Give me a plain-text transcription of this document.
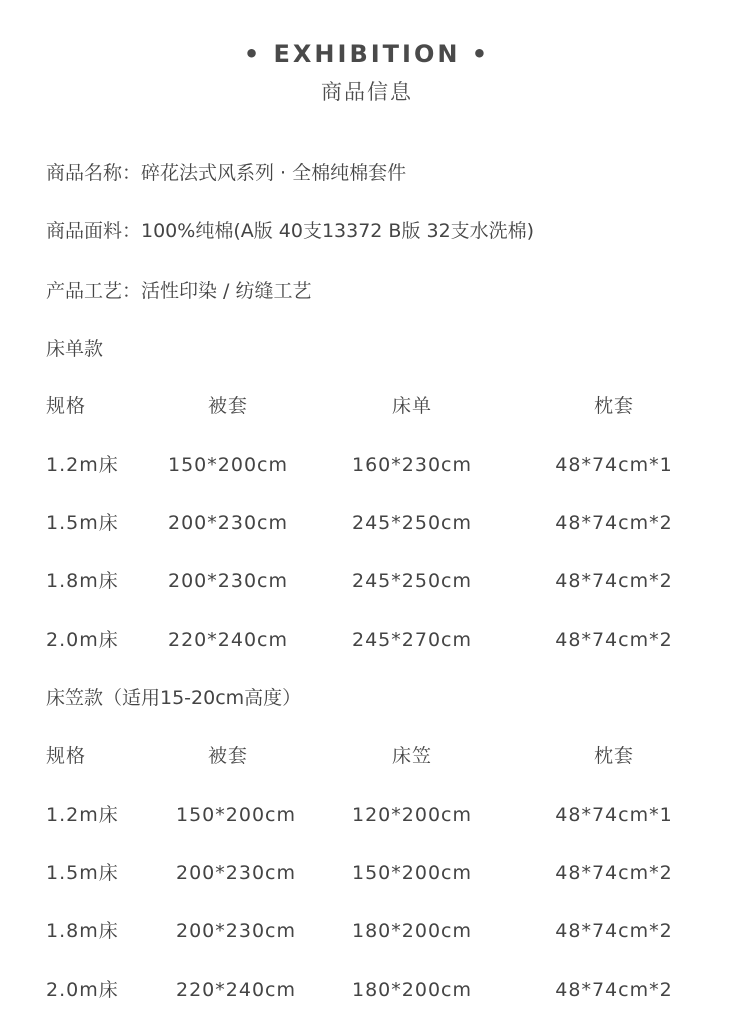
• EXHIBITION •
商品信息
商品名称：碎花法式风系列 · 全棉纯棉套件
商品面料：100%纯棉(A版 40支13372 B版 32支水洗棉)
产品工艺：活性印染 / 纺缝工艺
床单款
规格	被套	床单	枕套
1.2m床	150*200cm	160*230cm	48*74cm*1
1.5m床	200*230cm	245*250cm	48*74cm*2
1.8m床	200*230cm	245*250cm	48*74cm*2
2.0m床	220*240cm	245*270cm	48*74cm*2
床笠款（适用15-20cm高度）
规格	被套	床笠	枕套
1.2m床	150*200cm	120*200cm	48*74cm*1
1.5m床	200*230cm	150*200cm	48*74cm*2
1.8m床	200*230cm	180*200cm	48*74cm*2
2.0m床	220*240cm	180*200cm	48*74cm*2
